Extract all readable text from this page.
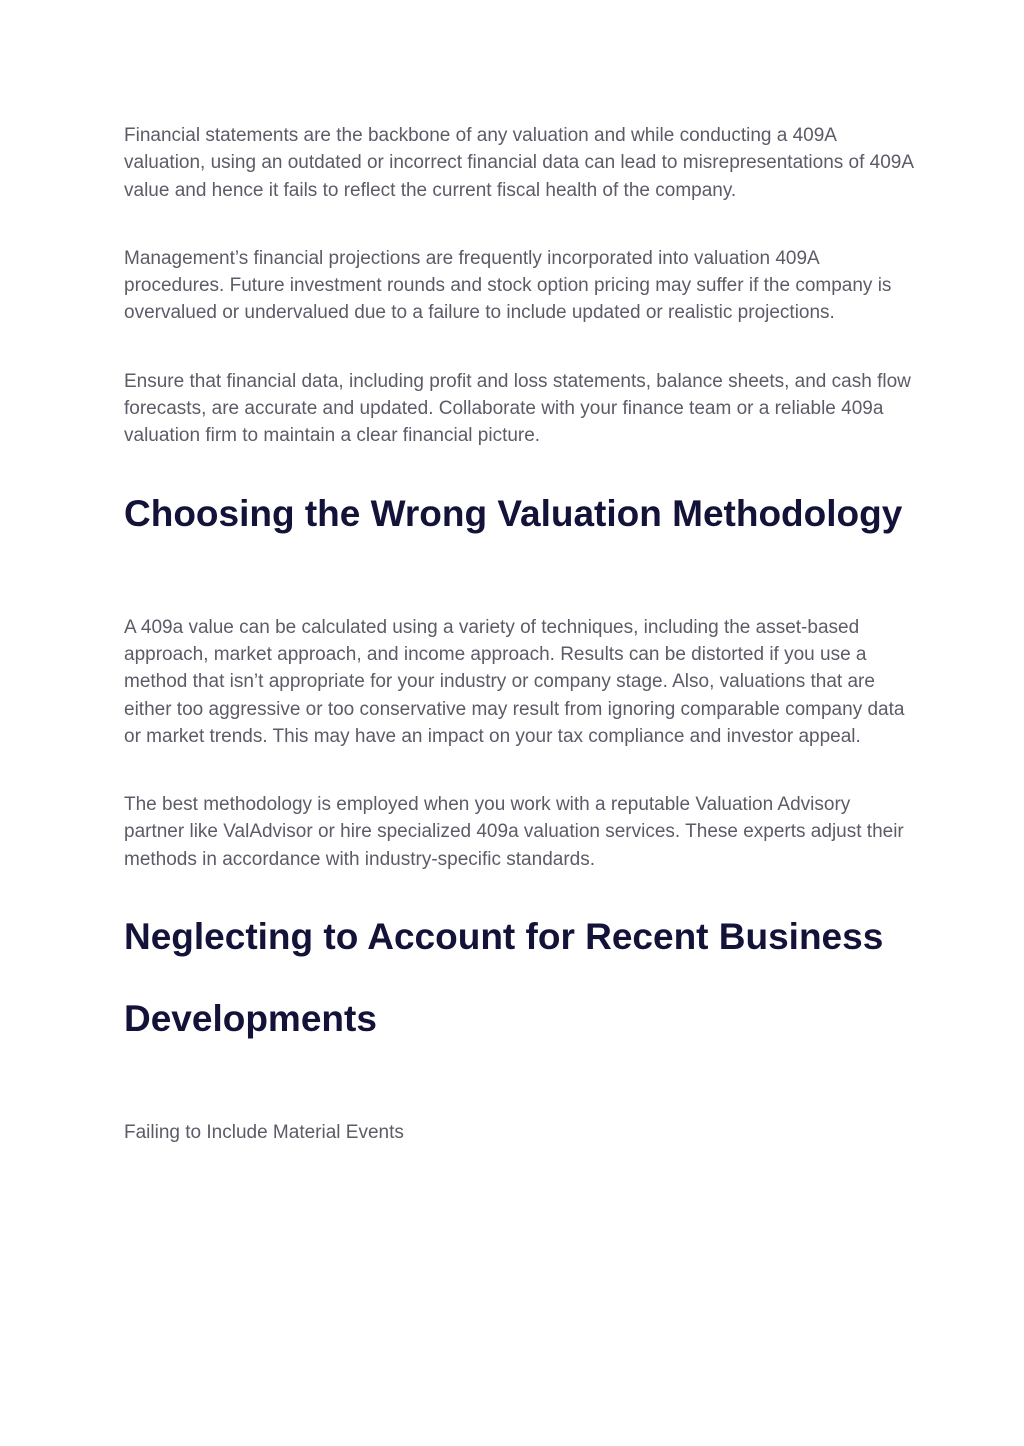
Financial statements are the backbone of any valuation and while conducting a 409A valuation, using an outdated or incorrect financial data can lead to misrepresentations of 409A value and hence it fails to reflect the current fiscal health of the company.

Management’s financial projections are frequently incorporated into valuation 409A procedures. Future investment rounds and stock option pricing may suffer if the company is overvalued or undervalued due to a failure to include updated or realistic projections.

Ensure that financial data, including profit and loss statements, balance sheets, and cash flow forecasts, are accurate and updated. Collaborate with your finance team or a reliable 409a valuation firm to maintain a clear financial picture.

Choosing the Wrong Valuation Methodology

A 409a value can be calculated using a variety of techniques, including the asset-based approach, market approach, and income approach. Results can be distorted if you use a method that isn’t appropriate for your industry or company stage. Also, valuations that are either too aggressive or too conservative may result from ignoring comparable company data or market trends. This may have an impact on your tax compliance and investor appeal.

The best methodology is employed when you work with a reputable Valuation Advisory partner like ValAdvisor or hire specialized 409a valuation services. These experts adjust their methods in accordance with industry-specific standards.

Neglecting to Account for Recent Business Developments

Failing to Include Material Events
